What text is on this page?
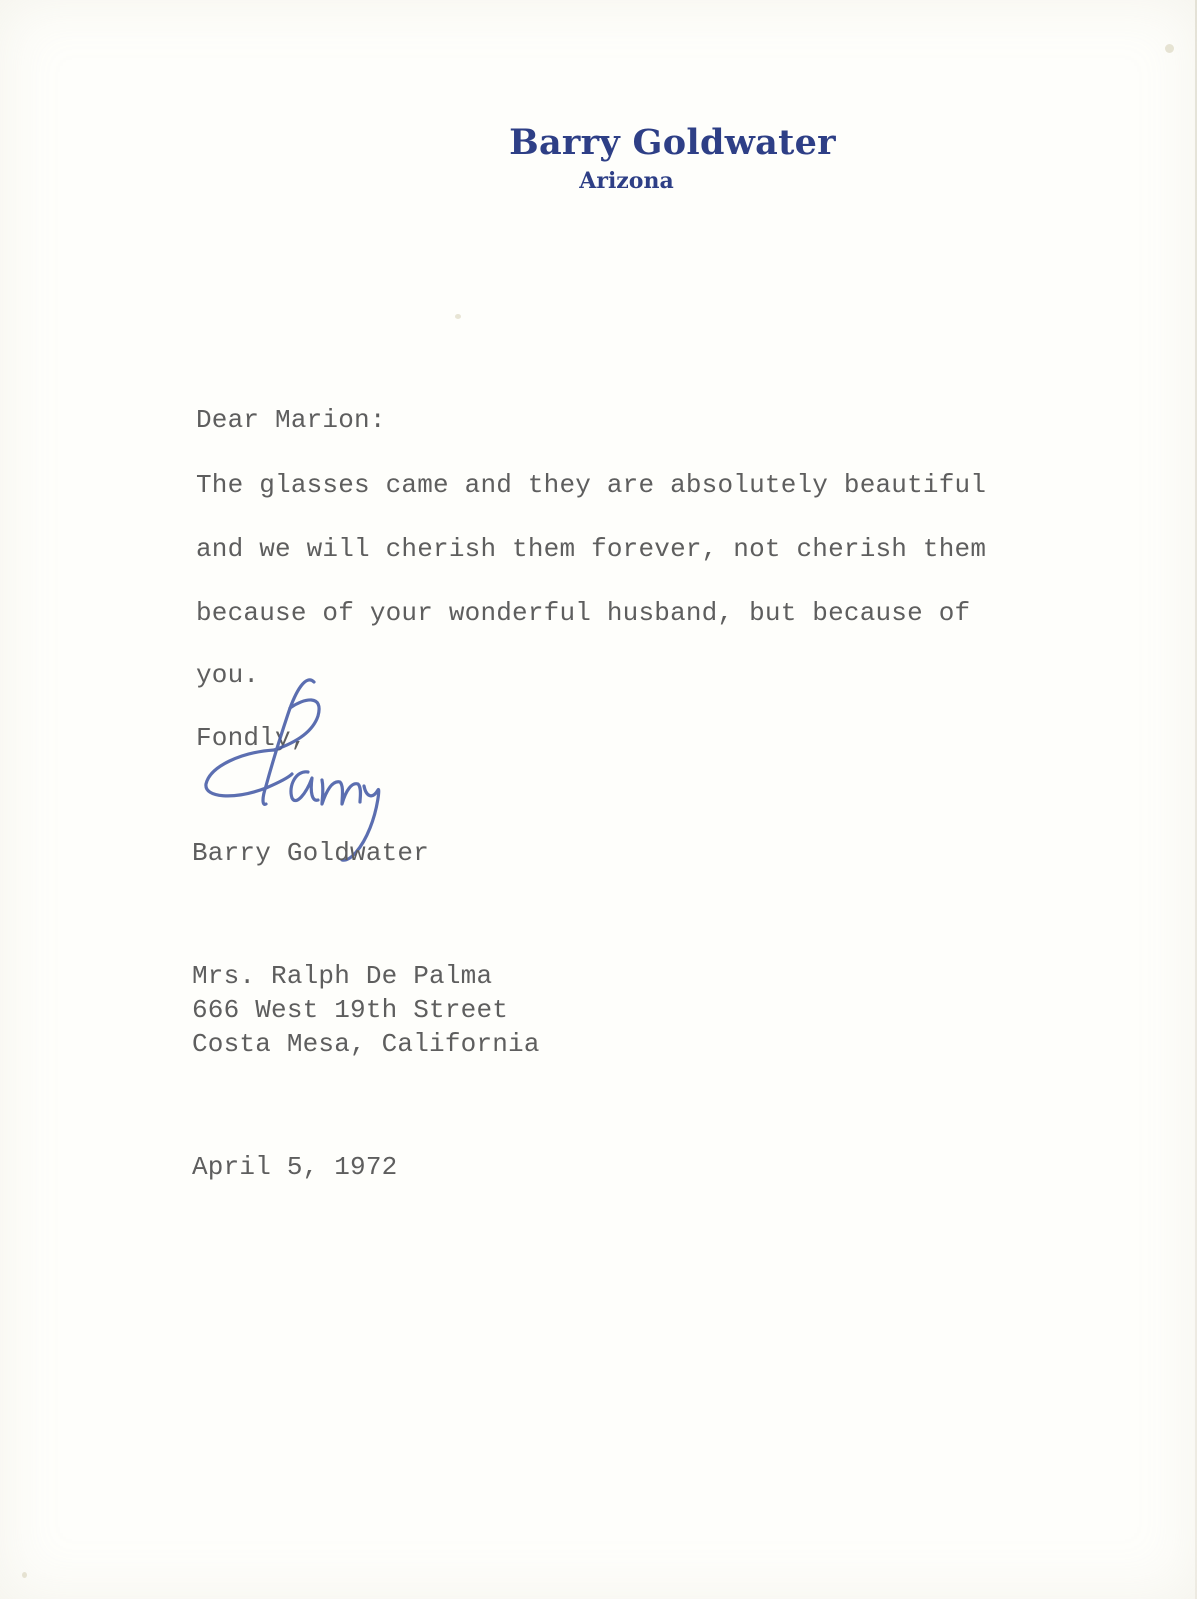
Barry Goldwater
Arizona
Dear Marion:
The glasses came and they are absolutely beautiful
and we will cherish them forever, not cherish them
because of your wonderful husband, but because of
you.
Fondly,
Barry Goldwater
Mrs. Ralph De Palma
666 West 19th Street
Costa Mesa, California
April 5, 1972
